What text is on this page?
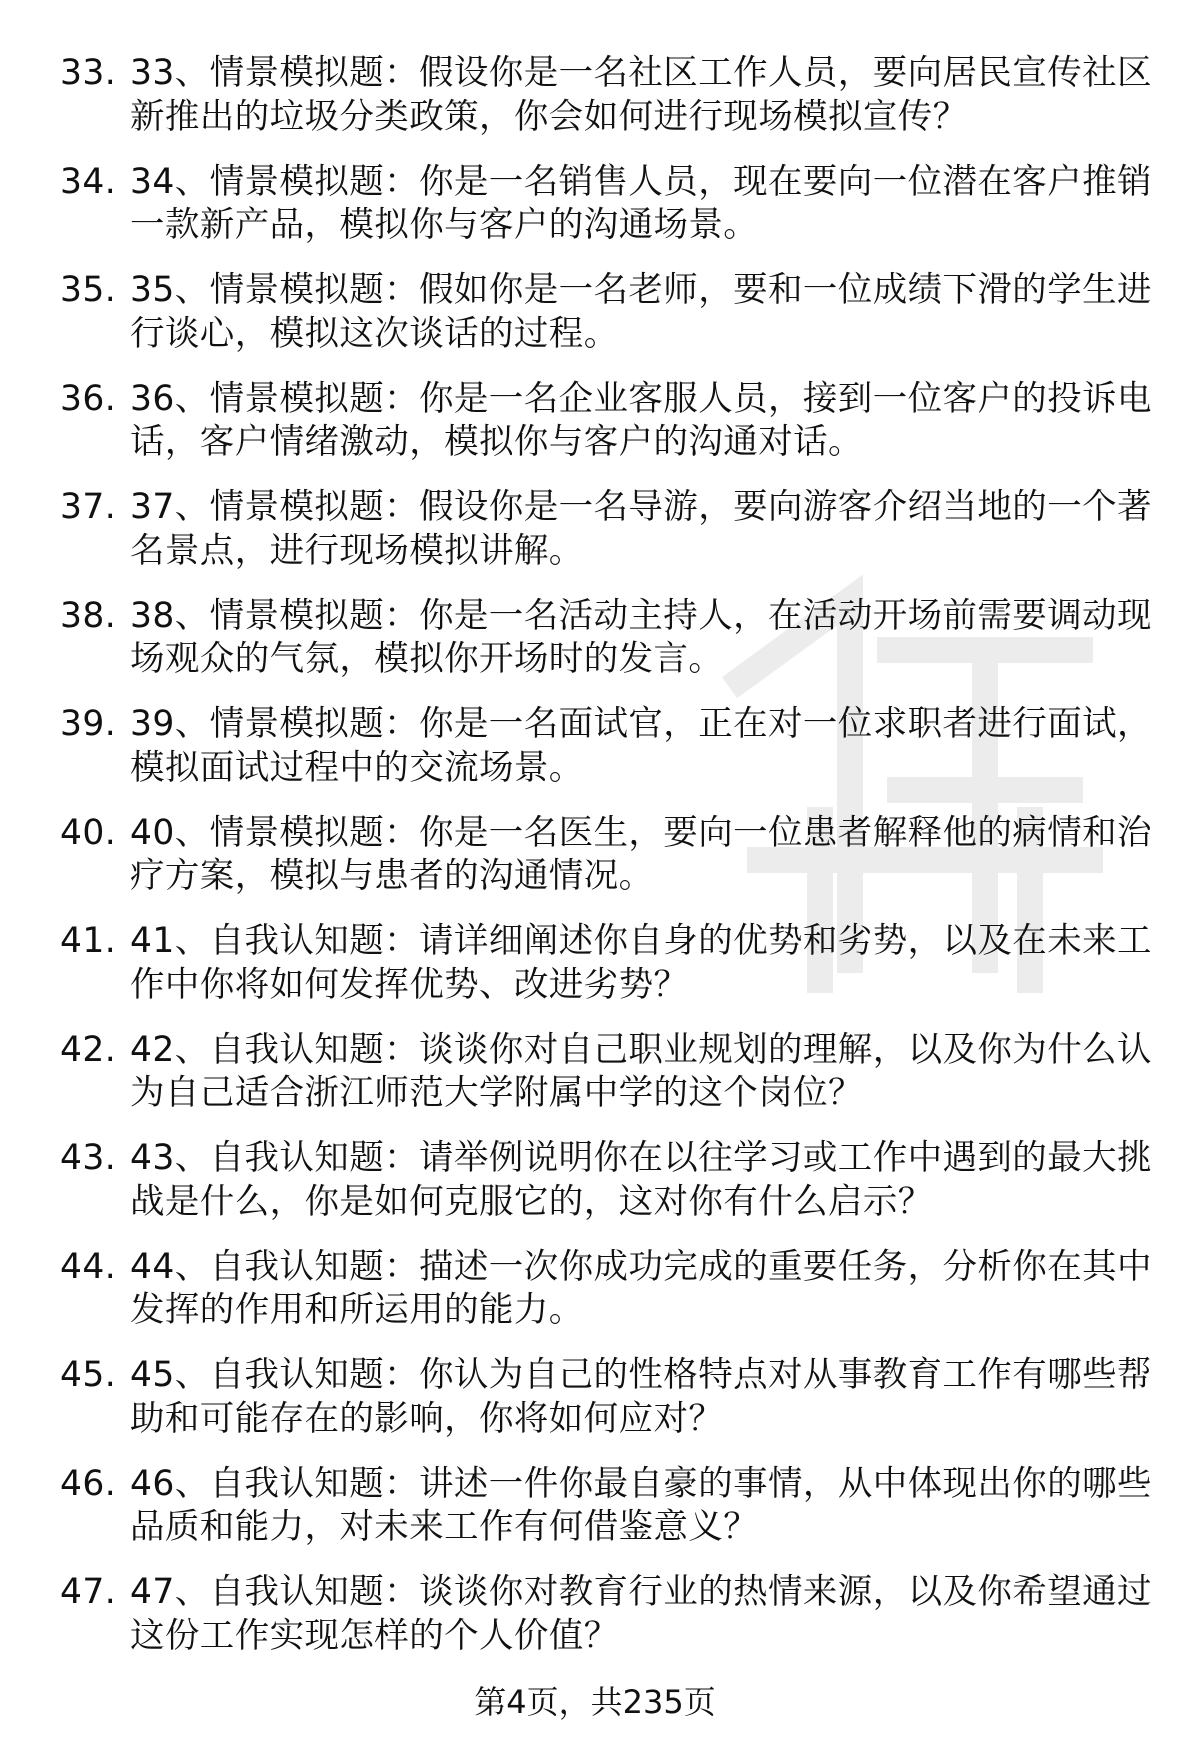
33. 33、情景模拟题：假设你是一名社区工作人员，要向居民宣传社区新推出的垃圾分类政策，你会如何进行现场模拟宣传？
34. 34、情景模拟题：你是一名销售人员，现在要向一位潜在客户推销一款新产品，模拟你与客户的沟通场景。
35. 35、情景模拟题：假如你是一名老师，要和一位成绩下滑的学生进行谈心，模拟这次谈话的过程。
36. 36、情景模拟题：你是一名企业客服人员，接到一位客户的投诉电话，客户情绪激动，模拟你与客户的沟通对话。
37. 37、情景模拟题：假设你是一名导游，要向游客介绍当地的一个著名景点，进行现场模拟讲解。
38. 38、情景模拟题：你是一名活动主持人，在活动开场前需要调动现场观众的气氛，模拟你开场时的发言。
39. 39、情景模拟题：你是一名面试官，正在对一位求职者进行面试，模拟面试过程中的交流场景。
40. 40、情景模拟题：你是一名医生，要向一位患者解释他的病情和治疗方案，模拟与患者的沟通情况。
41. 41、自我认知题：请详细阐述你自身的优势和劣势，以及在未来工作中你将如何发挥优势、改进劣势？
42. 42、自我认知题：谈谈你对自己职业规划的理解，以及你为什么认为自己适合浙江师范大学附属中学的这个岗位？
43. 43、自我认知题：请举例说明你在以往学习或工作中遇到的最大挑战是什么，你是如何克服它的，这对你有什么启示？
44. 44、自我认知题：描述一次你成功完成的重要任务，分析你在其中发挥的作用和所运用的能力。
45. 45、自我认知题：你认为自己的性格特点对从事教育工作有哪些帮助和可能存在的影响，你将如何应对？
46. 46、自我认知题：讲述一件你最自豪的事情，从中体现出你的哪些品质和能力，对未来工作有何借鉴意义？
47. 47、自我认知题：谈谈你对教育行业的热情来源，以及你希望通过这份工作实现怎样的个人价值？
第4页，共235页
